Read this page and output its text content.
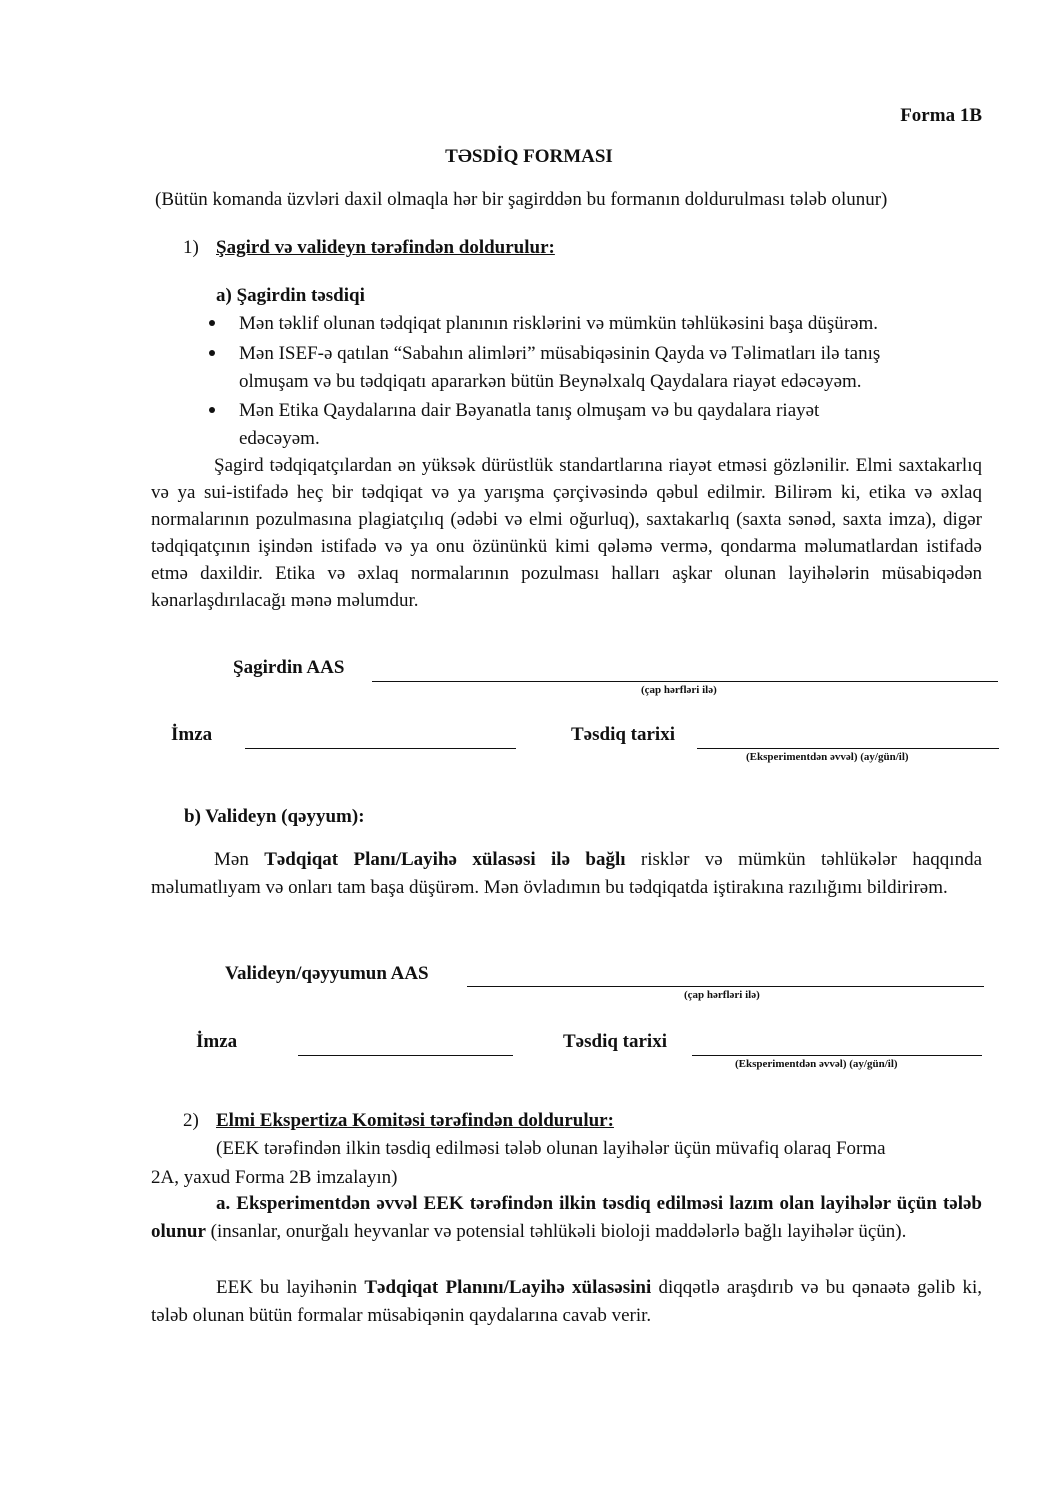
Forma 1B
TƏSDİQ FORMASI
(Bütün komanda üzvləri daxil olmaqla hər bir şagirddən bu formanın doldurulması tələb olunur)
1) Şagird və valideyn tərəfindən doldurulur:
a) Şagirdin təsdiqi
Mən təklif olunan tədqiqat planının risklərini və mümkün təhlükəsini başa düşürəm.
Mən ISEF-ə qatılan “Sabahın alimləri” müsabiqəsinin Qayda və Təlimatları ilə tanış
olmuşam və bu tədqiqatı apararkən bütün Beynəlxalq Qaydalara riayət edəcəyəm.
Mən Etika Qaydalarına dair Bəyanatla tanış olmuşam və bu qaydalara riayət
edəcəyəm.
Şagird tədqiqatçılardan ən yüksək dürüstlük standartlarına riayət etməsi gözlənilir. Elmi saxtakarlıq və ya sui-istifadə heç bir tədqiqat və ya yarışma çərçivəsində qəbul edilmir. Bilirəm ki, etika və əxlaq normalarının pozulmasına plagiatçılıq (ədəbi və elmi oğurluq), saxtakarlıq (saxta sənəd, saxta imza), digər tədqiqatçının işindən istifadə və ya onu özününkü kimi qələmə vermə, qondarma məlumatlardan istifadə etmə daxildir. Etika və əxlaq normalarının pozulması halları aşkar olunan layihələrin müsabiqədən kənarlaşdırılacağı mənə məlumdur.
Şagirdin AAS
(çap hərfləri ilə)
İmza	Təsdiq tarixi
(Eksperimentdən əvvəl) (ay/gün/il)
b) Valideyn (qəyyum):
Mən Tədqiqat Planı/Layihə xülasəsi ilə bağlı risklər və mümkün təhlükələr haqqında məlumatlıyam və onları tam başa düşürəm. Mən övladımın bu tədqiqatda iştirakına razılığımı bildirirəm.
Valideyn/qəyyumun AAS
(çap hərfləri ilə)
İmza	Təsdiq tarixi
(Eksperimentdən əvvəl) (ay/gün/il)
2) Elmi Ekspertiza Komitəsi tərəfindən doldurulur:
(EEK tərəfindən ilkin təsdiq edilməsi tələb olunan layihələr üçün müvafiq olaraq Forma
2A, yaxud Forma 2B imzalayın)
a. Eksperimentdən əvvəl EEK tərəfindən ilkin təsdiq edilməsi lazım olan layihələr üçün tələb olunur (insanlar, onurğalı heyvanlar və potensial təhlükəli bioloji maddələrlə bağlı layihələr üçün).
EEK bu layihənin Tədqiqat Planını/Layihə xülasəsini diqqətlə araşdırıb və bu qənaətə gəlib ki, tələb olunan bütün formalar müsabiqənin qaydalarına cavab verir.
